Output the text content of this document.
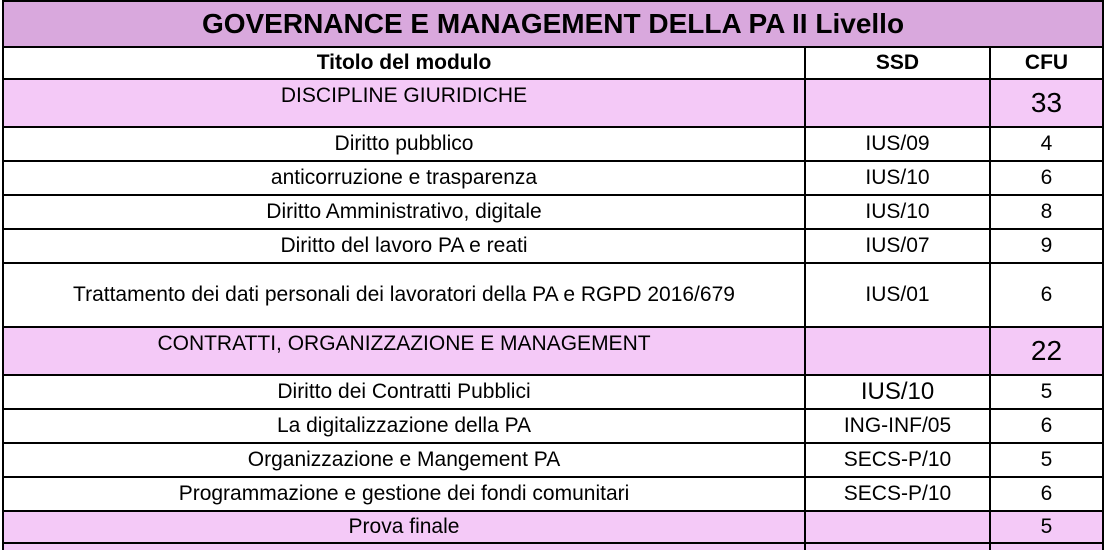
GOVERNANCE E MANAGEMENT DELLA PA II Livello		
Titolo del modulo	SSD	CFU
DISCIPLINE GIURIDICHE		33
Diritto pubblico	IUS/09	4
anticorruzione e trasparenza	IUS/10	6
Diritto Amministrativo, digitale	IUS/10	8
Diritto del lavoro PA e reati	IUS/07	9
Trattamento dei dati personali dei lavoratori della PA e RGPD 2016/679	IUS/01	6
CONTRATTI, ORGANIZZAZIONE E MANAGEMENT		22
Diritto dei Contratti Pubblici	IUS/10	5
La digitalizzazione della PA	ING-INF/05	6
Organizzazione e Mangement PA	SECS-P/10	5
Programmazione e gestione dei fondi comunitari	SECS-P/10	6
Prova finale		5
